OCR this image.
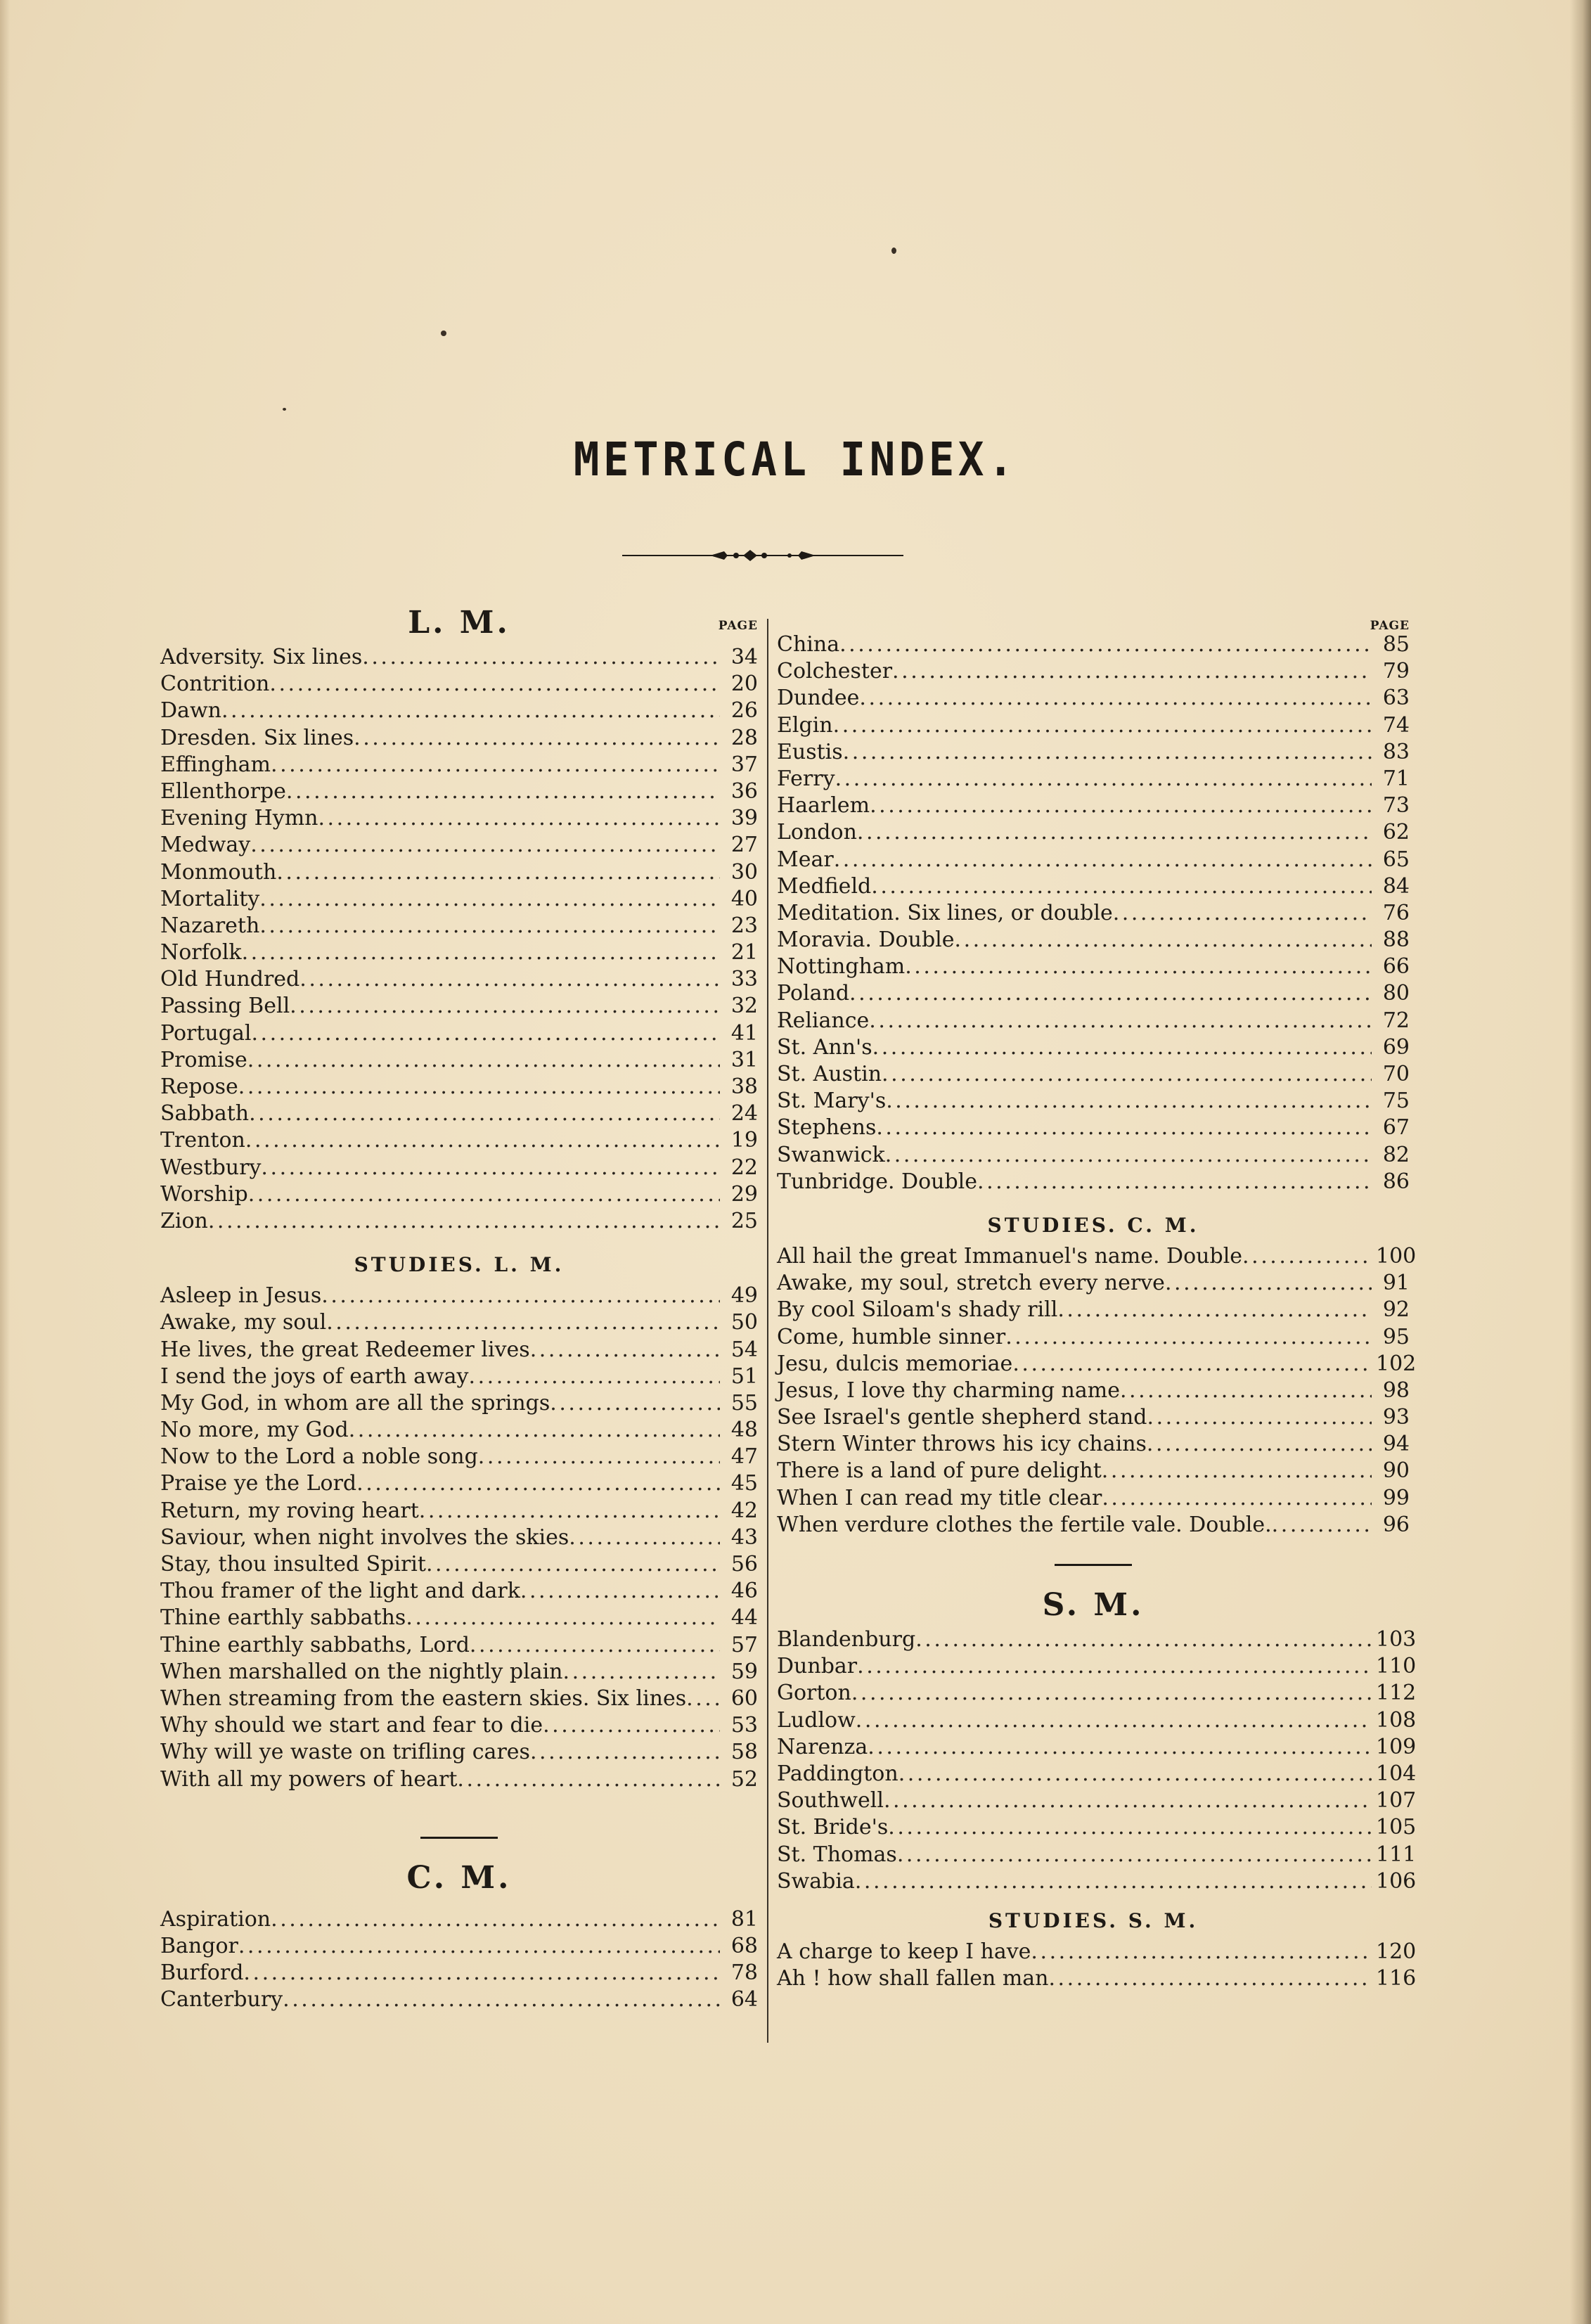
METRICAL INDEX.
L. M.	PAGE
Adversity. Six lines . . .	34
Contrition . . .	20
Dawn . . .	26
Dresden. Six lines . . .	28
Effingham . . .	37
Ellenthorpe . . .	36
Evening Hymn . . .	39
Medway . . .	27
Monmouth . . .	30
Mortality . . .	40
Nazareth . . .	23
Norfolk . . .	21
Old Hundred . . .	33
Passing Bell . . .	32
Portugal . . .	41
Promise . . .	31
Repose . . .	38
Sabbath . . .	24
Trenton . . .	19
Westbury . . .	22
Worship . . .	29
Zion . . .	25
STUDIES. L. M.
Asleep in Jesus . . .	49
Awake, my soul . . .	50
He lives, the great Redeemer lives . . .	54
I send the joys of earth away . . .	51
My God, in whom are all the springs . . .	55
No more, my God . . .	48
Now to the Lord a noble song . . .	47
Praise ye the Lord . . .	45
Return, my roving heart . . .	42
Saviour, when night involves the skies . . .	43
Stay, thou insulted Spirit . . .	56
Thou framer of the light and dark . . .	46
Thine earthly sabbaths . . .	44
Thine earthly sabbaths, Lord . . .	57
When marshalled on the nightly plain . . .	59
When streaming from the eastern skies. Six lines . . .	60
Why should we start and fear to die . . .	53
Why will ye waste on trifling cares . . .	58
With all my powers of heart . . .	52
C. M.
Aspiration . . .	81
Bangor . . .	68
Burford . . .	78
Canterbury . . .	64
PAGE
China . . .	85
Colchester . . .	79
Dundee . . .	63
Elgin . . .	74
Eustis . . .	83
Ferry . . .	71
Haarlem . . .	73
London . . .	62
Mear . . .	65
Medfield . . .	84
Meditation. Six lines, or double . . .	76
Moravia. Double . . .	88
Nottingham . . .	66
Poland . . .	80
Reliance . . .	72
St. Ann's . . .	69
St. Austin . . .	70
St. Mary's . . .	75
Stephens . . .	67
Swanwick . . .	82
Tunbridge. Double . . .	86
STUDIES. C. M.
All hail the great Immanuel's name. Double . . .	100
Awake, my soul, stretch every nerve . . .	91
By cool Siloam's shady rill . . .	92
Come, humble sinner . . .	95
Jesu, dulcis memoriae . . .	102
Jesus, I love thy charming name . . .	98
See Israel's gentle shepherd stand . . .	93
Stern Winter throws his icy chains . . .	94
There is a land of pure delight . . .	90
When I can read my title clear . . .	99
When verdure clothes the fertile vale. Double. . . .	96
S. M.
Blandenburg . . .	103
Dunbar . . .	110
Gorton . . .	112
Ludlow . . .	108
Narenza . . .	109
Paddington . . .	104
Southwell . . .	107
St. Bride's . . .	105
St. Thomas . . .	111
Swabia . . .	106
STUDIES. S. M.
A charge to keep I have . . .	120
Ah ! how shall fallen man . . .	116
